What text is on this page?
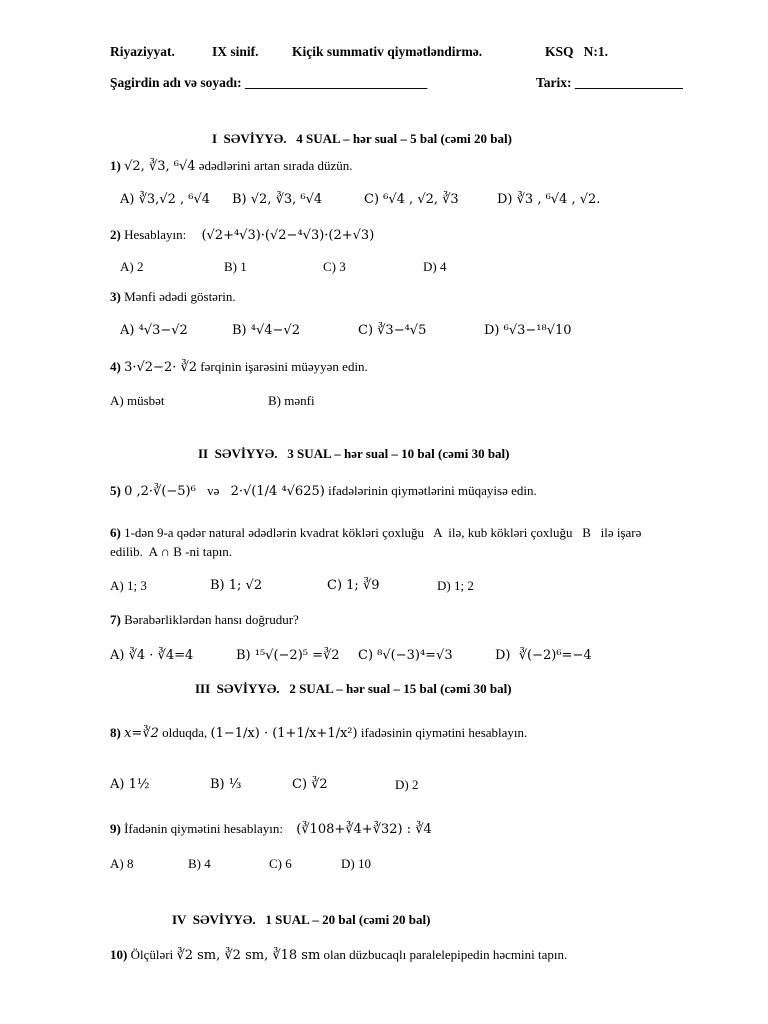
Riyaziyyat.	IX sinif. Kiçik summativ qiymətləndirmə.	KSQ   N:1.
Şagirdin adı və soyadı: ___________________________	Tarix: ________________
I  SƏVİYYƏ.   4 SUAL – hər sual – 5 bal (cəmi 20 bal)
1) √2, ∛3, ⁶√4 ədədlərini artan sırada düzün.
A) ∛3,√2 , ⁶√4 B) √2, ∛3, ⁶√4	C) ⁶√4 , √2, ∛3	D) ∛3 , ⁶√4 , √2.
2) Hesablayın: (√2+⁴√3)·(√2−⁴√3)·(2+√3)
A) 2	B) 1	C) 3	D) 4
3) Mənfi ədədi göstərin.
A) ⁴√3−√2	B) ⁴√4−√2	C) ∛3−⁴√5	D) ⁶√3−¹⁸√10
4) 3·√2−2· ∛2 fərqinin işarəsini müəyyən edin.
A) müsbət	B) mənfi
II  SƏVİYYƏ.   3 SUAL – hər sual – 10 bal (cəmi 30 bal)
5) 0 ,2·∛(−5)⁶ və 2·√(1/4 ⁴√625) ifadələrinin qiymətlərini müqayisə edin.
6) 1-dən 9-a qədər natural ədədlərin kvadrat kökləri çoxluğu   A  ilə, kub kökləri çoxluğu   B   ilə işarə
edilib.  A ∩ B -ni tapın.
A) 1; 3	B) 1; √2	C) 1; ∛9	D) 1; 2
7) Bərabərliklərdən hansı doğrudur?
A) ∛4 · ∛4=4	B) ¹⁵√(−2)⁵ =∛2 C) ⁸√(−3)⁴=√3	D)  ∛(−2)⁶=−4
III  SƏVİYYƏ.   2 SUAL – hər sual – 15 bal (cəmi 30 bal)
8) x=∛2 olduqda, (1−1/x) · (1+1/x+1/x²) ifadəsinin qiymətini hesablayın.
A) 1½	B) ⅓	C) ∛2	D) 2
9) İfadənin qiymətini hesablayın: (∛108+∛4+∛32) : ∛4
A) 8	B) 4	C) 6	D) 10
IV  SƏVİYYƏ.   1 SUAL – 20 bal (cəmi 20 bal)
10) Ölçüləri ∛2 sm, ∛2 sm, ∛18 sm olan düzbucaqlı paralelepipedin həcmini tapın.
